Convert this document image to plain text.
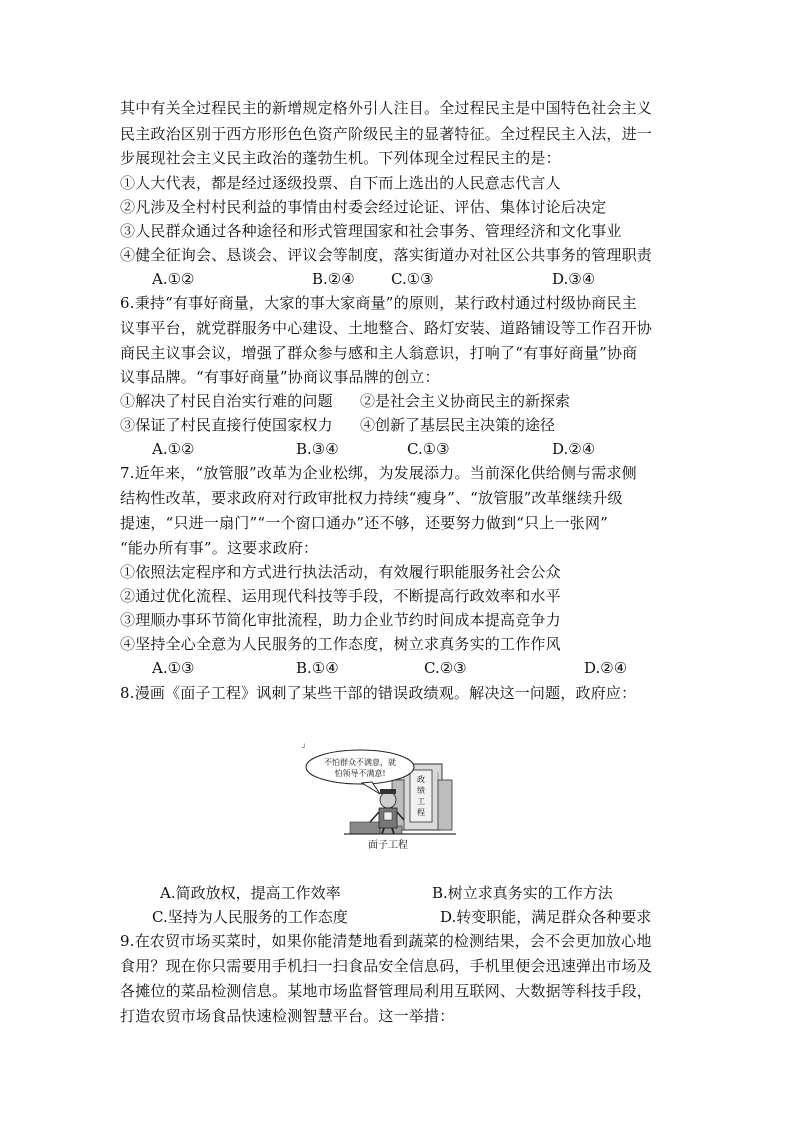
其中有关全过程民主的新增规定格外引人注目。全过程民主是中国特色社会主义
民主政治区别于西方形形色色资产阶级民主的显著特征。全过程民主入法，进一
步展现社会主义民主政治的蓬勃生机。下列体现全过程民主的是：
①人大代表，都是经过逐级投票、自下而上选出的人民意志代言人
②凡涉及全村村民利益的事情由村委会经过论证、评估、集体讨论后决定
③人民群众通过各种途径和形式管理国家和社会事务、管理经济和文化事业
④健全征询会、恳谈会、评议会等制度，落实街道办对社区公共事务的管理职责
A.①②	B.②④ C.①③	D.③④
6.秉持“有事好商量，大家的事大家商量”的原则，某行政村通过村级协商民主
议事平台，就党群服务中心建设、土地整合、路灯安装、道路铺设等工作召开协
商民主议事会议，增强了群众参与感和主人翁意识，打响了“有事好商量”协商
议事品牌。“有事好商量”协商议事品牌的创立：
①解决了村民自治实行难的问题 ②是社会主义协商民主的新探索
③保证了村民直接行使国家权力 ④创新了基层民主决策的途径
A.①②	B.③④	C.①③	D.②④
7.近年来，“放管服”改革为企业松绑，为发展添力。当前深化供给侧与需求侧
结构性改革，要求政府对行政审批权力持续“瘦身”、“放管服”改革继续升级
提速，“只进一扇门”“一个窗口通办”还不够，还要努力做到“只上一张网”
“能办所有事”。这要求政府：
①依照法定程序和方式进行执法活动，有效履行职能服务社会公众
②通过优化流程、运用现代科技等手段，不断提高行政效率和水平
③理顺办事环节简化审批流程，助力企业节约时间成本提高竞争力
④坚持全心全意为人民服务的工作态度，树立求真务实的工作作风
A.①③	B.①④	C.②③	D.②④
8.漫画《面子工程》讽刺了某些干部的错误政绩观。解决这一问题，政府应：
┘
政
绩
工
程
不怕群众不满意，就
怕领导不满意!
面子工程
A.简政放权，提高工作效率	B.树立求真务实的工作方法
C.坚持为人民服务的工作态度	D.转变职能，满足群众各种要求
9.在农贸市场买菜时，如果你能清楚地看到蔬菜的检测结果，会不会更加放心地
食用？现在你只需要用手机扫一扫食品安全信息码，手机里便会迅速弹出市场及
各摊位的菜品检测信息。某地市场监督管理局利用互联网、大数据等科技手段，
打造农贸市场食品快速检测智慧平台。这一举措：
